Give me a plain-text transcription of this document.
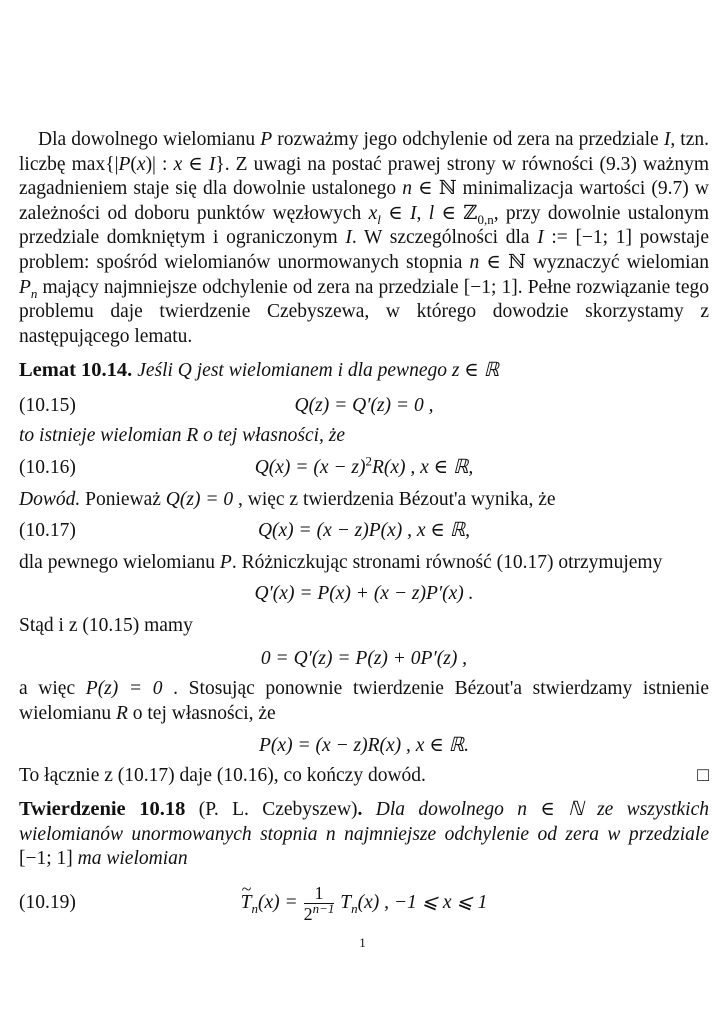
Dla dowolnego wielomianu P rozważmy jego odchylenie od zera na przedziale I, tzn. liczbę max{|P(x)| : x ∈ I}. Z uwagi na postać prawej strony w równości (9.3) ważnym zagadnieniem staje się dla dowolnie ustalonego n ∈ ℕ minimalizacja wartości (9.7) w zależności od doboru punktów węzłowych $x_l$ ∈ I, l ∈ ℤ$_{0,n}$, przy dowolnie ustalonym przedziale domkniętym i ograniczonym I. W szczególności dla I := [−1; 1] powstaje problem: spośród wielomianów unormowanych stopnia n ∈ ℕ wyznaczyć wielomian $P_n$ mający najmniejsze odchylenie od zera na przedziale [−1; 1]. Pełne rozwiązanie tego problemu daje twierdzenie Czebyszewa, w którego dowodzie skorzystamy z następującego lematu.
Lemat 10.14. Jeśli Q jest wielomianem i dla pewnego z ∈ ℝ
(10.15)	Q(z) = Q′(z) = 0 ,
to istnieje wielomian R o tej własności, że
(10.16)	$Q(x) = (x - z)^2R(x)$ , x ∈ ℝ,
Dowód. Ponieważ Q(z) = 0 , więc z twierdzenia Bézout'a wynika, że
(10.17)	Q(x) = (x − z)P(x) , x ∈ ℝ,
dla pewnego wielomianu P. Różniczkując stronami równość (10.17) otrzymujemy
Q′(x) = P(x) + (x − z)P′(x) .
Stąd i z (10.15) mamy
0 = Q′(z) = P(z) + 0P′(z) ,
a więc P(z) = 0 . Stosując ponownie twierdzenie Bézout'a stwierdzamy istnienie wielomianu R o tej własności, że
P(x) = (x − z)R(x) , x ∈ ℝ.
To łącznie z (10.17) daje (10.16), co kończy dowód.	□
Twierdzenie 10.18 (P. L. Czebyszew). Dla dowolnego n ∈ ℕ ze wszystkich wielomianów unormowanych stopnia n najmniejsze odchylenie od zera w przedziale [−1; 1] ma wielomian
(10.19)
~	$T_n(x) = \frac{1}{2^{n-1}} T_n(x)$ , −1 ⩽ x ⩽ 1
1
